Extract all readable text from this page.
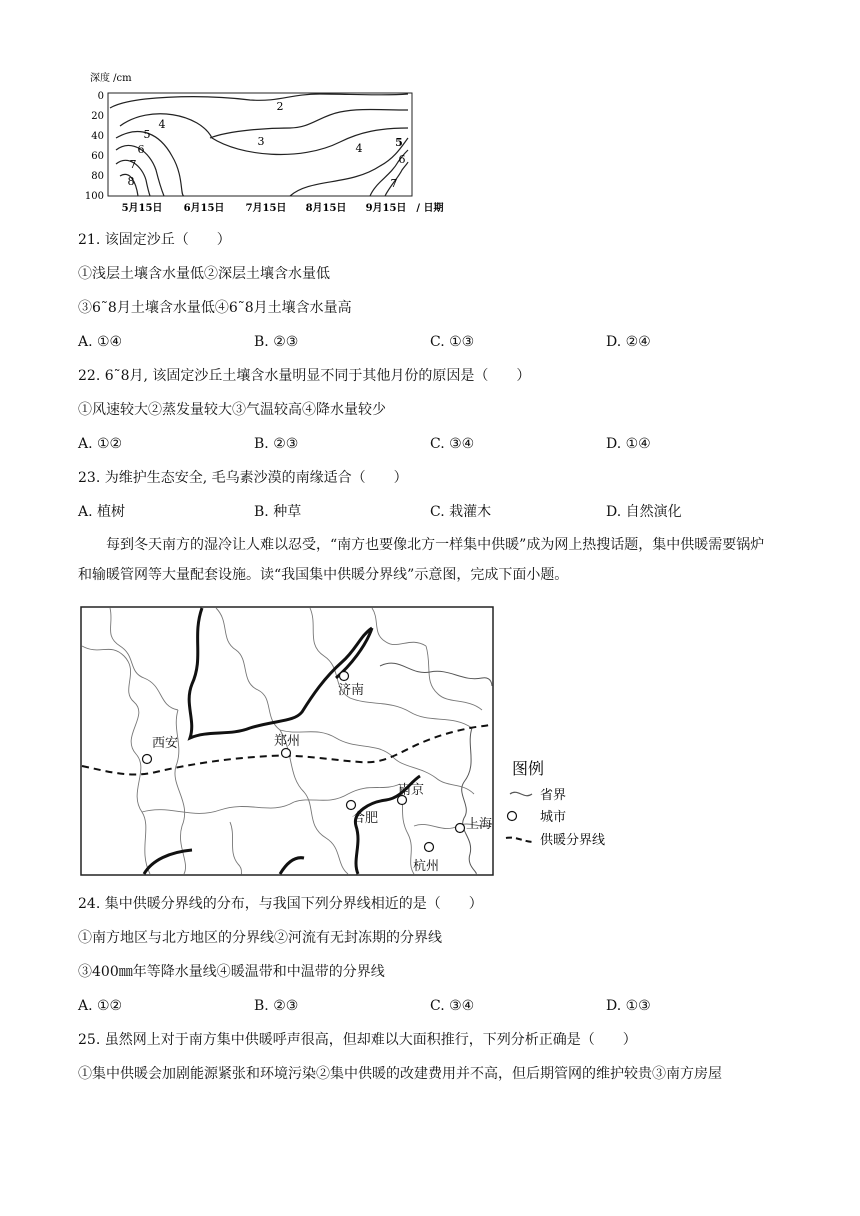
深度 /cm
0
20
40
60
80
100
2
3
4
4
5
6
7
8
5
6
7
5月15日 6月15日 7月15日 8月15日 9月15日 / 日期
21. 该固定沙丘（　　）
①浅层土壤含水量低②深层土壤含水量低
③6˜8月土壤含水量低④6˜8月土壤含水量高
A. ①④	B. ②③	C. ①③	D. ②④
22. 6˜8月, 该固定沙丘土壤含水量明显不同于其他月份的原因是（　　）
①风速较大②蒸发量较大③气温较高④降水量较少
A. ①②	B. ②③	C. ③④	D. ①④
23. 为维护生态安全, 毛乌素沙漠的南缘适合（　　）
A. 植树	B. 种草	C. 栽灌木	D. 自然演化
每到冬天南方的湿冷让人难以忍受，“南方也要像北方一样集中供暖”成为网上热搜话题，集中供暖需要锅炉和输暖管网等大量配套设施。读“我国集中供暖分界线”示意图，完成下面小题。
济南
西安	郑州
南京
合肥	上海
杭州
图例
省界
城市
供暖分界线
24. 集中供暖分界线的分布，与我国下列分界线相近的是（　　）
①南方地区与北方地区的分界线②河流有无封冻期的分界线
③400㎜年等降水量线④暖温带和中温带的分界线
A. ①②	B. ②③	C. ③④	D. ①③
25. 虽然网上对于南方集中供暖呼声很高，但却难以大面积推行，下列分析正确是（　　）
①集中供暖会加剧能源紧张和环境污染②集中供暖的改建费用并不高，但后期管网的维护较贵③南方房屋
